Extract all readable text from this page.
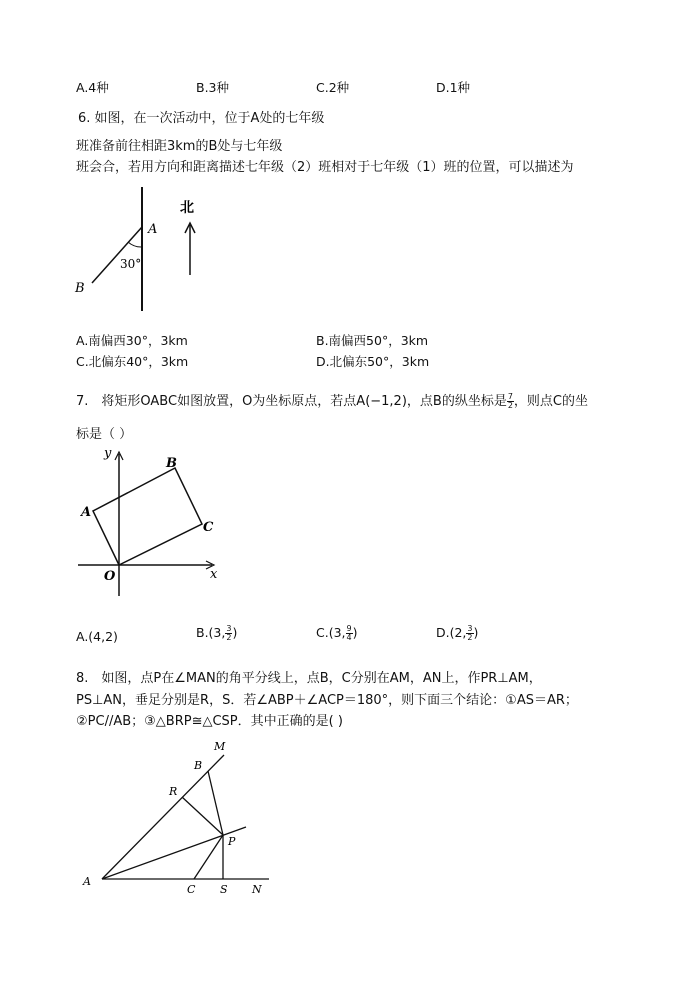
A.4种	B.3种	C.2种	D.1种
6. 如图，在一次活动中，位于A处的七年级
班准备前往相距3km的B处与七年级
班会合，若用方向和距离描述七年级（2）班相对于七年级（1）班的位置，可以描述为
A
B
30°
北
A.南偏西30°，3km	B.南偏西50°，3km
C.北偏东40°，3km	D.北偏东50°，3km
7.　将矩形OABC如图放置，O为坐标原点，若点A(−1,2)，点B的纵坐标是 $\frac{7}{2}$ ，则点C的坐
标是（ ）
y
x
O
A
B
C
A.(4,2)	B.(3, $\frac{3}{2}$ )	C.(3, $\frac{9}{4}$ )	D.(2, $\frac{3}{2}$ )
8.　如图，点P在∠MAN的角平分线上，点B，C分别在AM，AN上，作PR⊥AM，
PS⊥AN，垂足分别是R，S．若∠ABP＋∠ACP＝180°，则下面三个结论：①AS＝AR；
②PC//AB；③△BRP≅△CSP．其中正确的是( )
M
B
R
P
A
C S N
